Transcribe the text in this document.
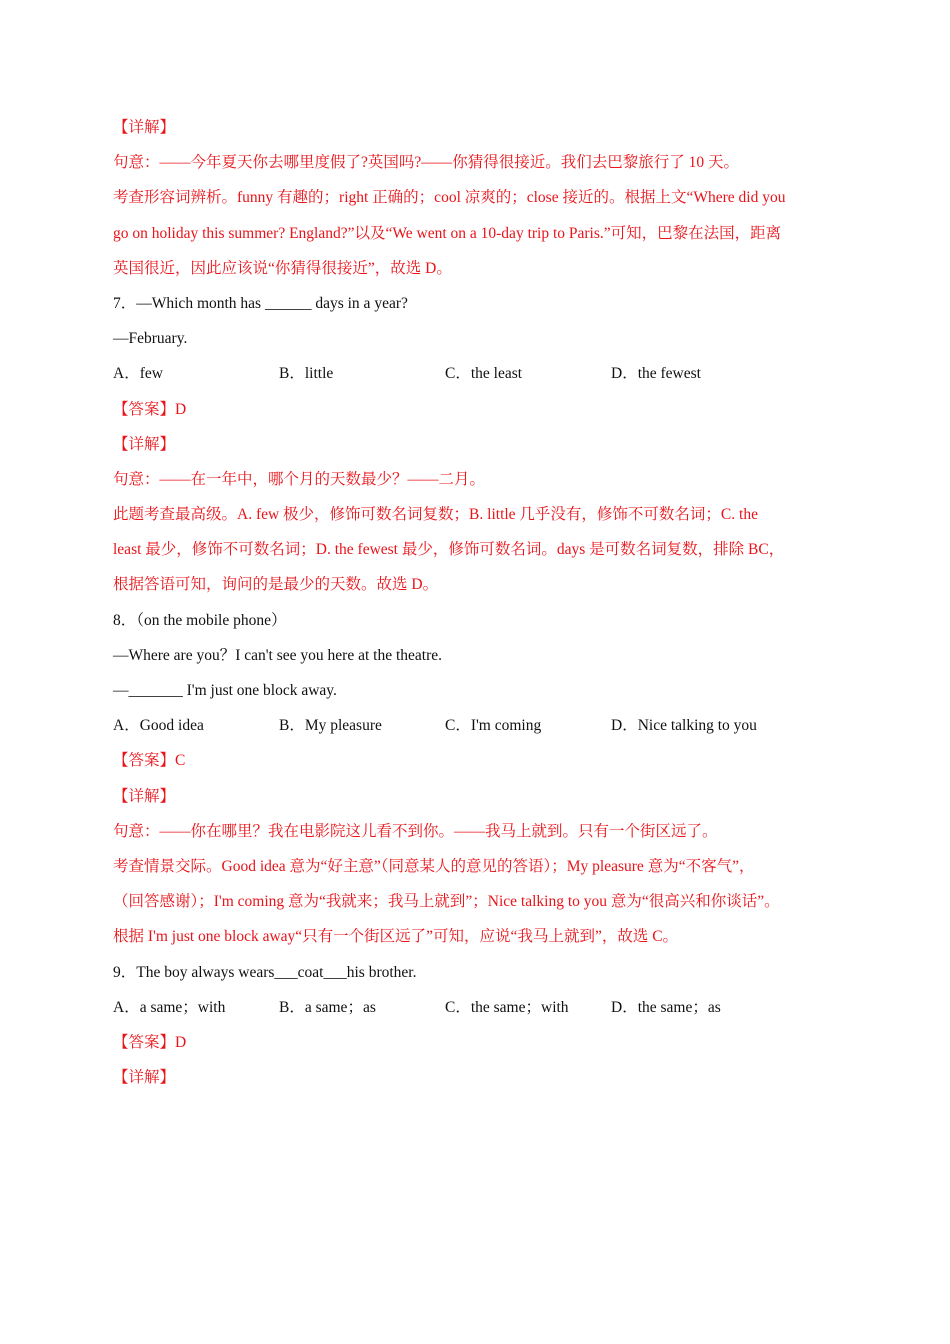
【详解】
句意：——今年夏天你去哪里度假了?英国吗?——你猜得很接近。我们去巴黎旅行了 10 天。
考查形容词辨析。funny 有趣的；right 正确的；cool 凉爽的；close 接近的。根据上文“Where did you
go on holiday this summer? England?”以及“We went on a 10-day trip to Paris.”可知，巴黎在法国，距离
英国很近，因此应该说“你猜得很接近”，故选 D。
7．—Which month has ______ days in a year?
—February.
A．few	B．little	C．the least	D．the fewest
【答案】D
【详解】
句意：——在一年中，哪个月的天数最少？——二月。
此题考查最高级。A. few 极少，修饰可数名词复数；B. little 几乎没有，修饰不可数名词；C. the
least 最少，修饰不可数名词；D. the fewest 最少，修饰可数名词。days 是可数名词复数，排除 BC，
根据答语可知，询问的是最少的天数。故选 D。
8．（on the mobile phone）
—Where are you？I can't see you here at the theatre.
—_______ I'm just one block away.
A．Good idea	B．My pleasure	C．I'm coming	D．Nice talking to you
【答案】C
【详解】
句意：——你在哪里？我在电影院这儿看不到你。——我马上就到。只有一个街区远了。
考查情景交际。Good idea 意为“好主意”（同意某人的意见的答语）；My pleasure 意为“不客气”，
（回答感谢）；I'm coming 意为“我就来；我马上就到”；Nice talking to you 意为“很高兴和你谈话”。
根据 I'm just one block away“只有一个街区远了”可知，应说“我马上就到”，故选 C。
9．The boy always wears___coat___his brother.
A．a same；with	B．a same；as	C．the same；with	D．the same；as
【答案】D
【详解】
